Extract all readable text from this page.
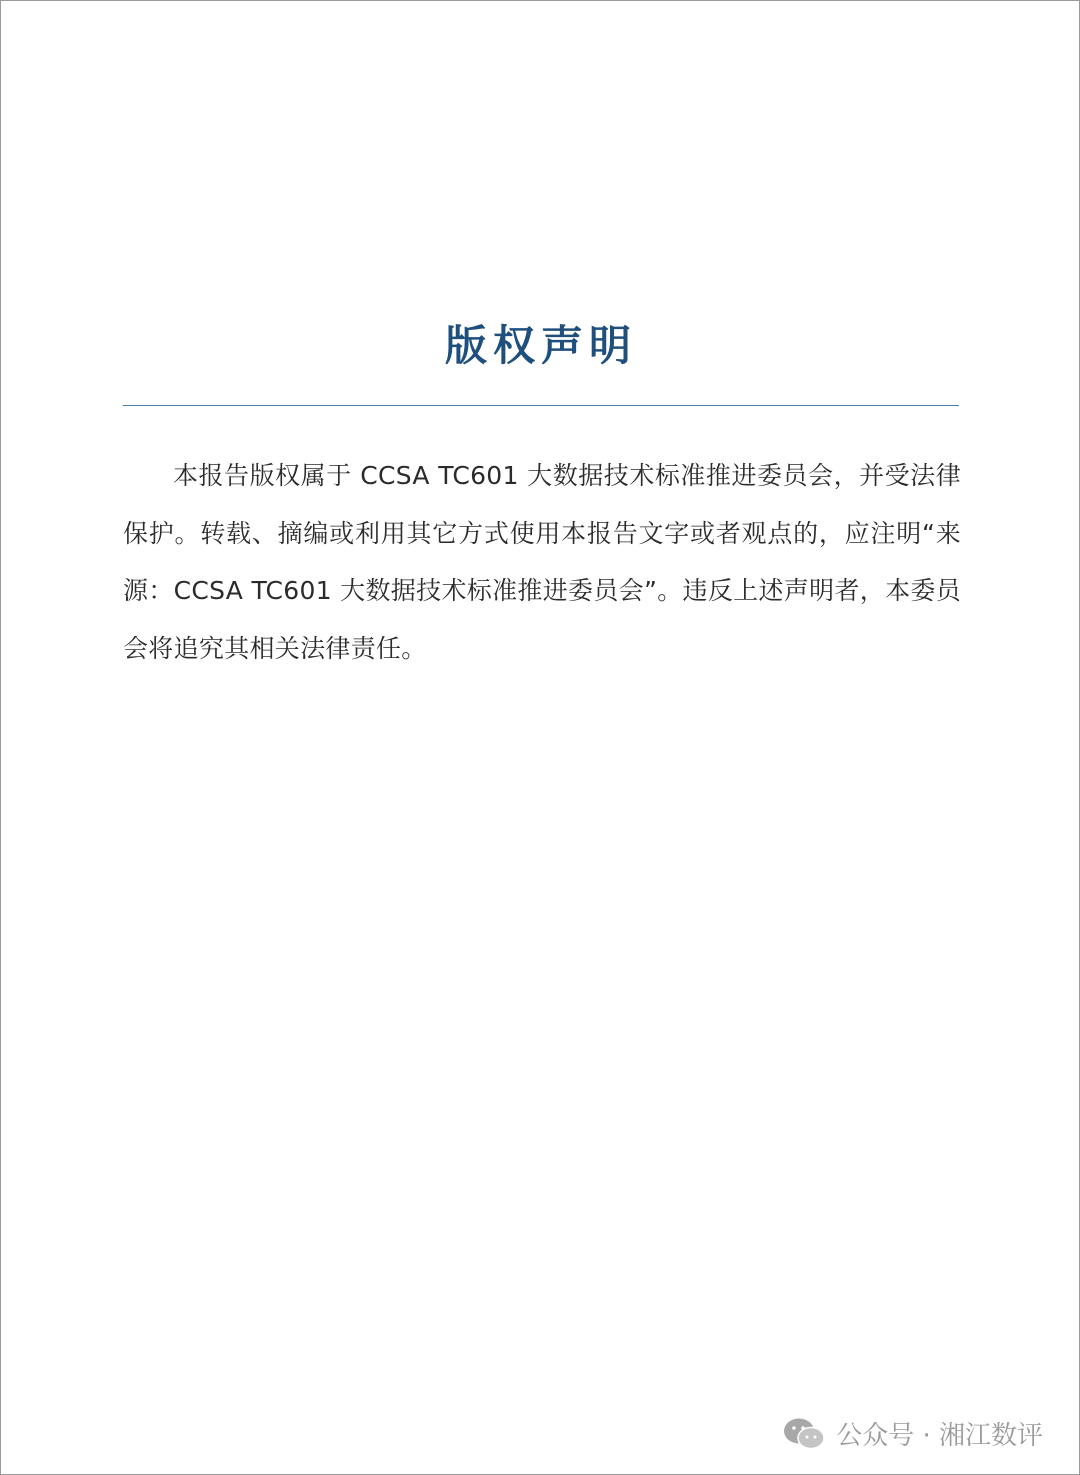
版权声明

本报告版权属于 CCSA TC601 大数据技术标准推进委员会，并受法律保护。转载、摘编或利用其它方式使用本报告文字或者观点的，应注明“来源：CCSA TC601 大数据技术标准推进委员会”。违反上述声明者，本委员会将追究其相关法律责任。

公众号 · 湘江数评
